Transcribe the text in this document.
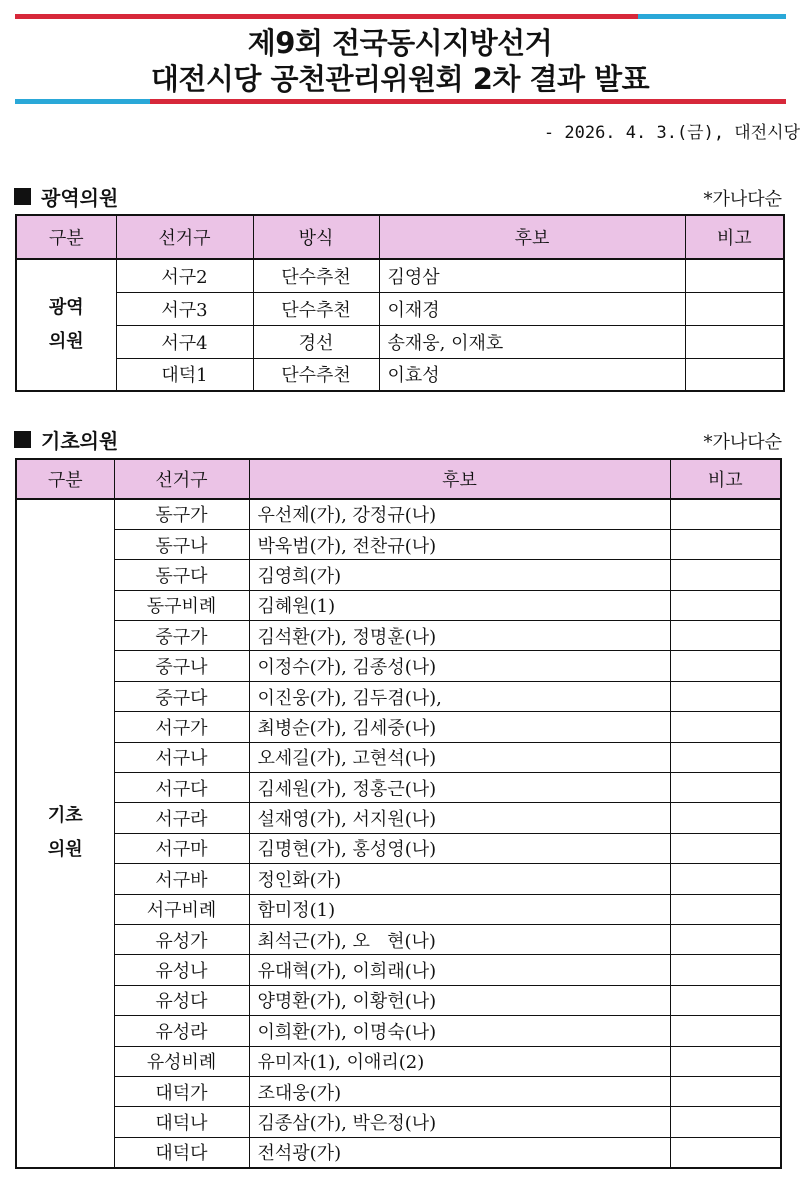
제9회 전국동시지방선거
대전시당 공천관리위원회 2차 결과 발표
- 2026. 4. 3.(금), 대전시당
광역의원	*가나다순
구분	선거구	방식	후보	비고

광역
의원	서구2	단수추천	김영삼	
	서구3	단수추천	이재경	
	서구4	경선	송재웅, 이재호	
	대덕1	단수추천	이효성	
기초의원	*가나다순
구분	선거구	후보	비고

기초
의원	동구가	우선제(가), 강정규(나)	
	동구나	박욱범(가), 전찬규(나)	
	동구다	김영희(가)	
	동구비례	김혜원(1)	
	중구가	김석환(가), 정명훈(나)	
	중구나	이정수(가), 김종성(나)	
	중구다	이진웅(가), 김두겸(나),	
	서구가	최병순(가), 김세중(나)	
	서구나	오세길(가), 고현석(나)	
	서구다	김세원(가), 정홍근(나)	
	서구라	설재영(가), 서지원(나)	
	서구마	김명현(가), 홍성영(나)	
	서구바	정인화(가)	
	서구비례	함미정(1)	
	유성가	최석근(가), 오   현(나)	
	유성나	유대혁(가), 이희래(나)	
	유성다	양명환(가), 이황헌(나)	
	유성라	이희환(가), 이명숙(나)	
	유성비례	유미자(1), 이애리(2)	
	대덕가	조대웅(가)	
	대덕나	김종삼(가), 박은정(나)	
	대덕다	전석광(가)	
